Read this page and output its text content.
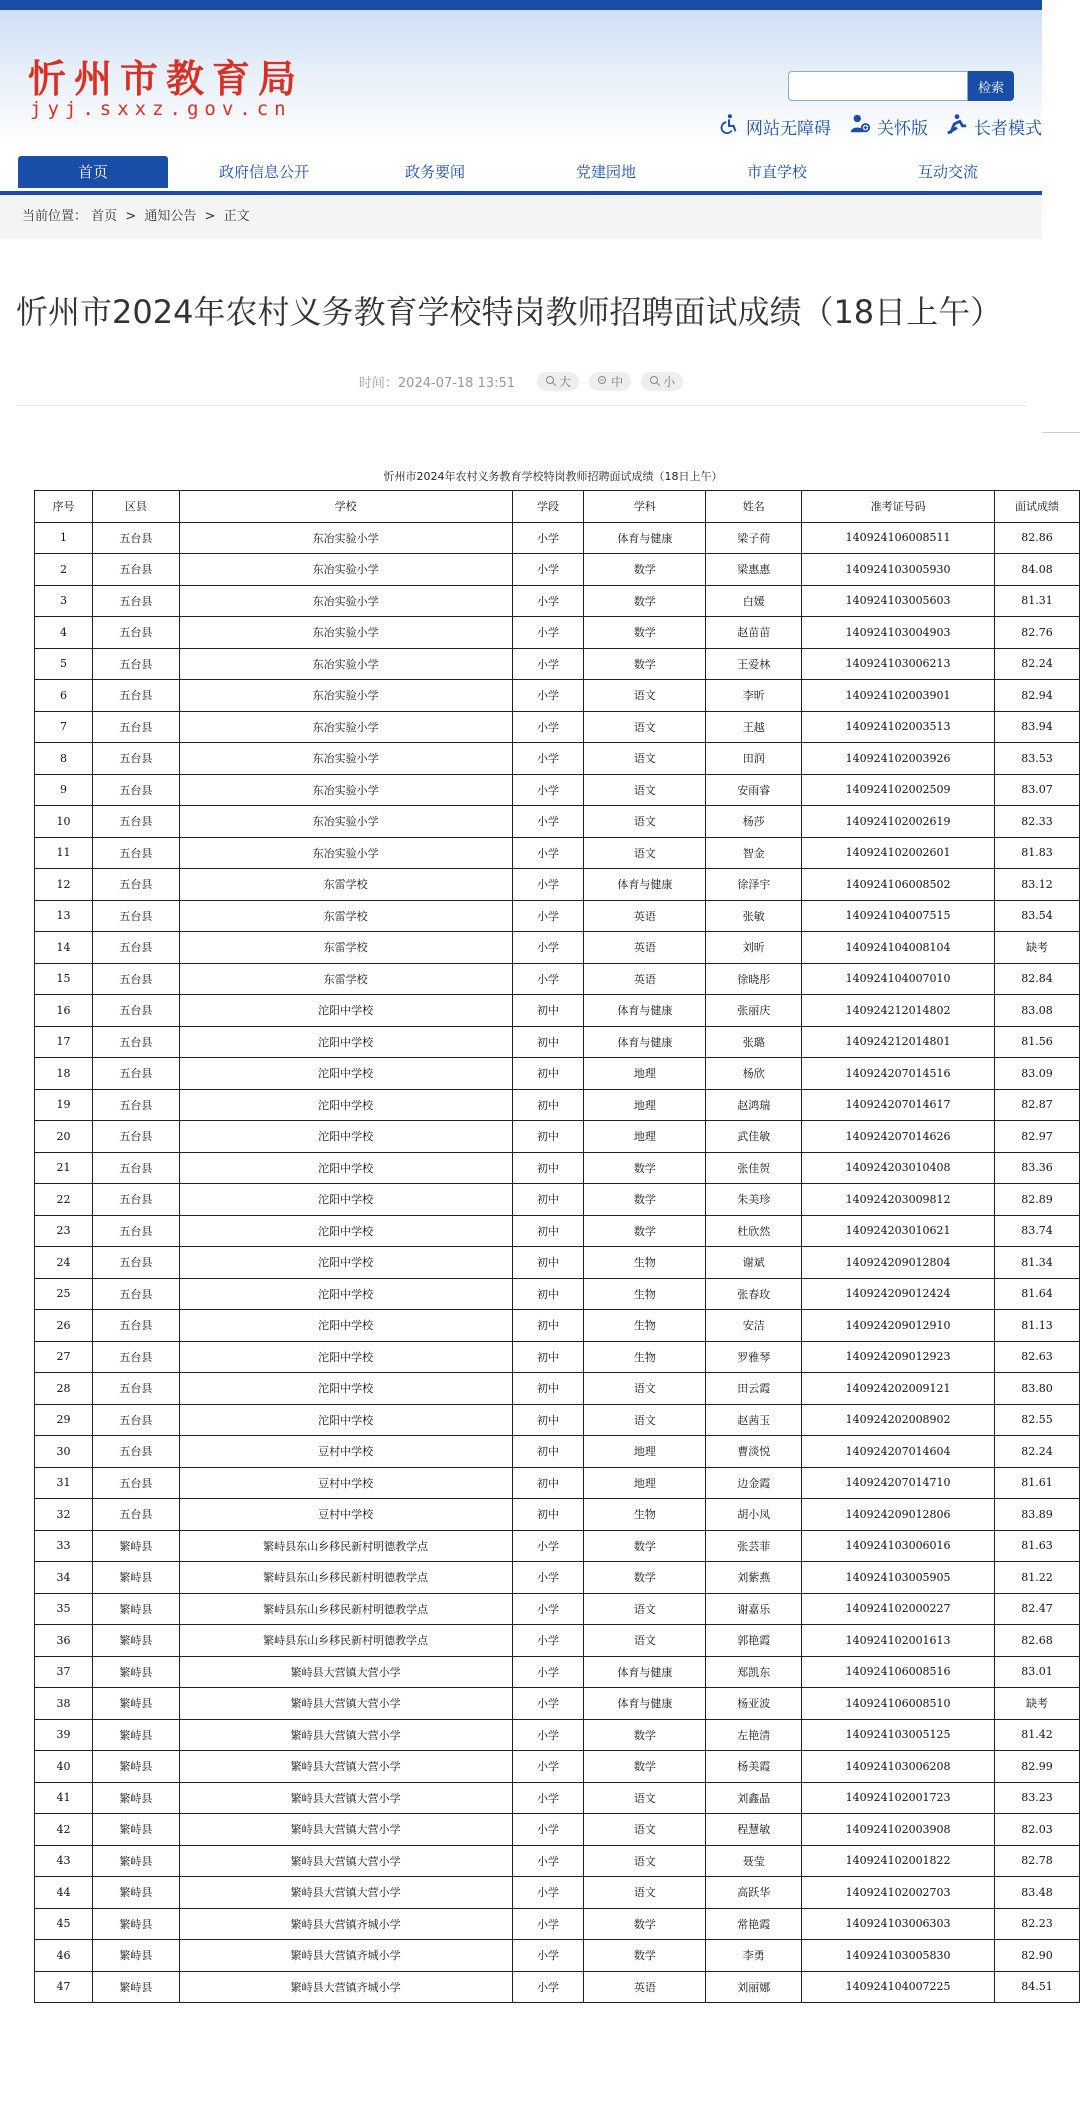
忻州市教育局
jyj.sxxz.gov.cn
检索
网站无障碍	关怀版	长者模式
首页	政府信息公开	政务要闻	党建园地	市直学校	互动交流
当前位置： 首页 > 通知公告 > 正文
忻州市2024年农村义务教育学校特岗教师招聘面试成绩（18日上午）
时间：2024-07-18 13:51	大	中	小
忻州市2024年农村义务教育学校特岗教师招聘面试成绩（18日上午）
序号	区县	学校	学段	学科	姓名	准考证号码	面试成绩
1	五台县	东冶实验小学	小学	体育与健康	梁子荷	140924106008511	82.86
2	五台县	东冶实验小学	小学	数学	梁惠惠	140924103005930	84.08
3	五台县	东冶实验小学	小学	数学	白媛	140924103005603	81.31
4	五台县	东冶实验小学	小学	数学	赵苗苗	140924103004903	82.76
5	五台县	东冶实验小学	小学	数学	王爱林	140924103006213	82.24
6	五台县	东冶实验小学	小学	语文	李昕	140924102003901	82.94
7	五台县	东冶实验小学	小学	语文	王越	140924102003513	83.94
8	五台县	东冶实验小学	小学	语文	田润	140924102003926	83.53
9	五台县	东冶实验小学	小学	语文	安雨睿	140924102002509	83.07
10	五台县	东冶实验小学	小学	语文	杨莎	140924102002619	82.33
11	五台县	东冶实验小学	小学	语文	智金	140924102002601	81.83
12	五台县	东雷学校	小学	体育与健康	徐泽宇	140924106008502	83.12
13	五台县	东雷学校	小学	英语	张敏	140924104007515	83.54
14	五台县	东雷学校	小学	英语	刘昕	140924104008104	缺考
15	五台县	东雷学校	小学	英语	徐晓彤	140924104007010	82.84
16	五台县	沱阳中学校	初中	体育与健康	张丽庆	140924212014802	83.08
17	五台县	沱阳中学校	初中	体育与健康	张璐	140924212014801	81.56
18	五台县	沱阳中学校	初中	地理	杨欣	140924207014516	83.09
19	五台县	沱阳中学校	初中	地理	赵鸿瑞	140924207014617	82.87
20	五台县	沱阳中学校	初中	地理	武佳敏	140924207014626	82.97
21	五台县	沱阳中学校	初中	数学	张佳贺	140924203010408	83.36
22	五台县	沱阳中学校	初中	数学	朱美珍	140924203009812	82.89
23	五台县	沱阳中学校	初中	数学	杜欣然	140924203010621	83.74
24	五台县	沱阳中学校	初中	生物	谢斌	140924209012804	81.34
25	五台县	沱阳中学校	初中	生物	张春玫	140924209012424	81.64
26	五台县	沱阳中学校	初中	生物	安洁	140924209012910	81.13
27	五台县	沱阳中学校	初中	生物	罗雅琴	140924209012923	82.63
28	五台县	沱阳中学校	初中	语文	田云霞	140924202009121	83.80
29	五台县	沱阳中学校	初中	语文	赵茜玉	140924202008902	82.55
30	五台县	豆村中学校	初中	地理	曹淡悦	140924207014604	82.24
31	五台县	豆村中学校	初中	地理	边金霞	140924207014710	81.61
32	五台县	豆村中学校	初中	生物	胡小凤	140924209012806	83.89
33	繁峙县	繁峙县东山乡移民新村明德教学点	小学	数学	张芸菲	140924103006016	81.63
34	繁峙县	繁峙县东山乡移民新村明德教学点	小学	数学	刘紫燕	140924103005905	81.22
35	繁峙县	繁峙县东山乡移民新村明德教学点	小学	语文	谢嘉乐	140924102000227	82.47
36	繁峙县	繁峙县东山乡移民新村明德教学点	小学	语文	郭艳霞	140924102001613	82.68
37	繁峙县	繁峙县大营镇大营小学	小学	体育与健康	郑凯东	140924106008516	83.01
38	繁峙县	繁峙县大营镇大营小学	小学	体育与健康	杨亚波	140924106008510	缺考
39	繁峙县	繁峙县大营镇大营小学	小学	数学	左艳清	140924103005125	81.42
40	繁峙县	繁峙县大营镇大营小学	小学	数学	杨美霞	140924103006208	82.99
41	繁峙县	繁峙县大营镇大营小学	小学	语文	刘鑫晶	140924102001723	83.23
42	繁峙县	繁峙县大营镇大营小学	小学	语文	程慧敏	140924102003908	82.03
43	繁峙县	繁峙县大营镇大营小学	小学	语文	聂莹	140924102001822	82.78
44	繁峙县	繁峙县大营镇大营小学	小学	语文	高跃华	140924102002703	83.48
45	繁峙县	繁峙县大营镇齐城小学	小学	数学	常艳霞	140924103006303	82.23
46	繁峙县	繁峙县大营镇齐城小学	小学	数学	李勇	140924103005830	82.90
47	繁峙县	繁峙县大营镇齐城小学	小学	英语	刘丽娜	140924104007225	84.51
